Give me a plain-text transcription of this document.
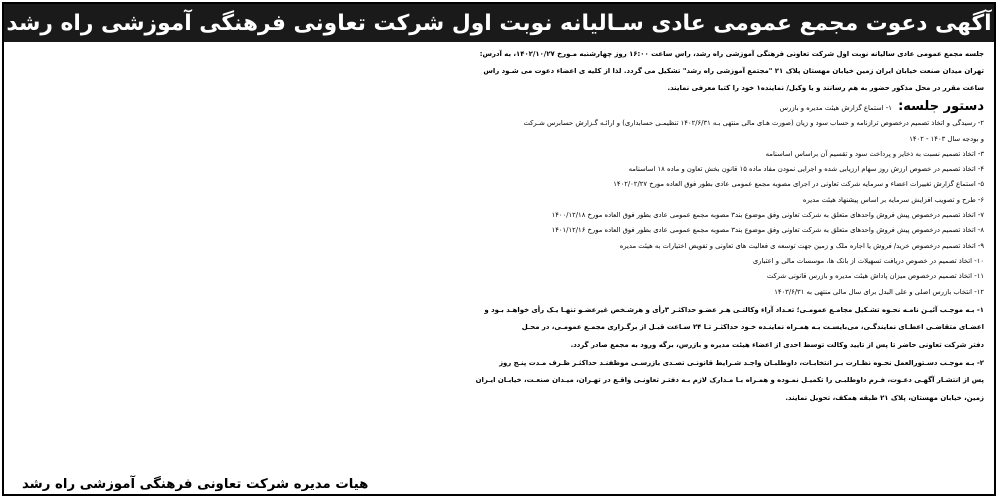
آگهی دعوت مجمع عمومی عادی سـالیانه نوبت اول شرکت تعاونی فرهنگی آموزشی راه رشد

جلسه مجمع عمومی عادی سالیانه نوبت اول شرکت تعاونی فرهنگی آموزشی راه رشد، راس ساعت ۱۶:۰۰ روز چهارشنبه مـورخ ۱۴۰۲/۱۰/۲۷، به آدرس:

تهران میدان صنعت خیابان ایران زمین خیابان مهستان پلاک ۲۱ "مجتمع آموزشی راه رشد" تشکیل می گردد. لذا از کلیه ی اعضاء دعوت می شـود راس

ساعت مقرر در محل مذکور حضور به هم رسانند و یا وکیل/ نماینده۱ خود را کتبا معرفی نمایند.

دستور جلسه: ۱- استماع گزارش هیئت مدیره و بازرس
۲- رسیدگی و اتخاذ تصمیم درخصوص ترازنامه و حساب سود و زیان (صورت هـای مالی منتهی بـه ۱۴۰۲/۶/۳۱ تنظیمـی حسابداری) و ارائـه گـزارش حسابرس شـرکت
و بودجه سال ۱۴۰۳ - ۱۴۰۲
۳- اتخاذ تصمیم نسبت به ذخایر و پرداخت سود و تقسیم آن براساس اساسنامه
۴- اتخاذ تصمیم در خصوص ارزش روز سهام ارزیابی شده و اجرایی نمودن مفاد ماده ۱۵ قانون بخش تعاون و ماده ۱۸ اساسنامه
۵- استماع گزارش تغییرات اعضاء و سرمایه شرکت تعاونی در اجرای مصوبه مجمع عمومی عادی بطور فوق العاده مورخ ۱۴۰۲/۰۲/۲۷
۶- طرح و تصویب افزایش سرمایه بر اساس پیشنهاد هیئت مدیره
۷- اتخاذ تصمیم درخصوص پیش فروش واحدهای متعلق به شرکت تعاونی وفق موضوع بند۳ مصوبه مجمع عمومی عادی بطور فوق العاده مورخ ۱۴۰۰/۱۲/۱۸
۸- اتخاذ تصمیم درخصوص پیش فروش واحدهای متعلق به شرکت تعاونی وفق موضوع بند۳ مصوبه مجمع عمومی عادی بطور فوق العاده مورخ ۱۴۰۱/۱۲/۱۶
۹- اتخاذ تصمیم درخصوص خرید/ فروش یا اجاره ملک و زمین جهت توسعه ی فعالیت های تعاونی و تفویض اختیارات به هیئت مدیره
۱۰- اتخاذ تصمیم در خصوص دریافت تسهیلات از بانک ها، موسسات مالی و اعتباری
۱۱- اتخاذ تصمیم درخصوص میزان پاداش هیئت مدیره و بازرس قانونی شرکت
۱۲- انتخاب بازرس اصلی و علی البدل برای سال مالی منتهی به ۱۴۰۳/۶/۳۱

۱- بـه موجـب آئیـن نامـه نحـوه تشـکیل مجامـع عمومـی؛ تعـداد آراء وکالتـی هـر عضـو حداکثـر ۳رأی و هرشـخص غیرعضـو تنهـا یـک رأی خواهـد بـود و

اعضـای متقاضـی اعطـای نمایندگـی، می‌بایسـت بـه همـراه نماینـده خـود حداکثـر تـا ۲۴ سـاعت قبـل از برگـزاری مجمـع عمومـی، در محـل

دفتر شرکت تعاونی حاضر تا پس از تایید وکالت توسط احدی از اعضاء هیئت مدیره و بازرس، برگه ورود به مجمع صادر گردد.

۲- بـه موجـب دسـتورالعمل نحـوه نظـارت بـر انتخابـات، داوطلبـان واجـد شـرایط قانونـی تصـدی بازرسـی موظفنـد حداکثـر ظـرف مـدت پنـج روز

پس از انتشـار آگهـی دعـوت، فـرم داوطلبـی را تکمیـل نمـوده و همـراه بـا مـدارک لازم بـه دفتـر تعاونـی واقـع در تهـران، میـدان صنعـت، خیابـان ایـران

زمین، خیابان مهستان، پلاک ۲۱ طبقه همکف، تحویل نمایند.

هیات مدیره شرکت تعاونی فرهنگی آموزشی راه رشد
